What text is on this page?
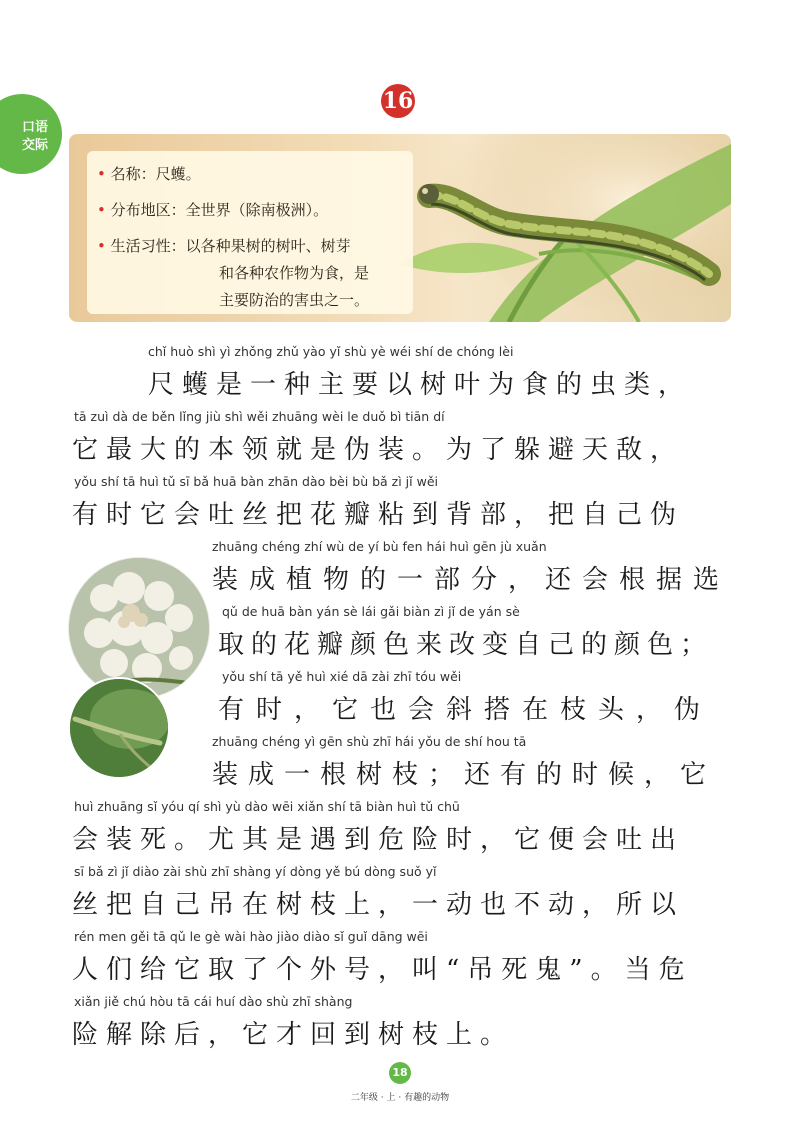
口语
交际
16
• 名称：尺蠖。
• 分布地区：全世界（除南极洲）。
• 生活习性：以各种果树的树叶、树芽
和各种农作物为食，是
主要防治的害虫之一。
chǐ huò shì yì zhǒng zhǔ yào yǐ shù yè wéi shí de chóng lèi
尺蠖是一种主要以树叶为食的虫类，
tā zuì dà de běn lǐng jiù shì wěi zhuāng wèi le duǒ bì tiān dí
它最大的本领就是伪装。为了躲避天敌，
yǒu shí tā huì tǔ sī bǎ huā bàn zhān dào bèi bù bǎ zì jǐ wěi
有时它会吐丝把花瓣粘到背部，把自己伪
zhuāng chéng zhí wù de yí bù fen hái huì gēn jù xuǎn
装成植物的一部分，还会根据选
qǔ de huā bàn yán sè lái gǎi biàn zì jǐ de yán sè
取的花瓣颜色来改变自己的颜色；
yǒu shí tā yě huì xié dā zài zhī tóu wěi
有时，它也会斜搭在枝头，伪
zhuāng chéng yì gēn shù zhī hái yǒu de shí hou tā
装成一根树枝；还有的时候，它
huì zhuāng sǐ yóu qí shì yù dào wēi xiǎn shí tā biàn huì tǔ chū
会装死。尤其是遇到危险时，它便会吐出
sī bǎ zì jǐ diào zài shù zhī shàng yí dòng yě bú dòng suǒ yǐ
丝把自己吊在树枝上，一动也不动，所以
rén men gěi tā qǔ le gè wài hào jiào diào sǐ guǐ dāng wēi
人们给它取了个外号，叫“吊死鬼”。当危
xiǎn jiě chú hòu tā cái huí dào shù zhī shàng
险解除后，它才回到树枝上。
18
二年级 · 上 · 有趣的动物
